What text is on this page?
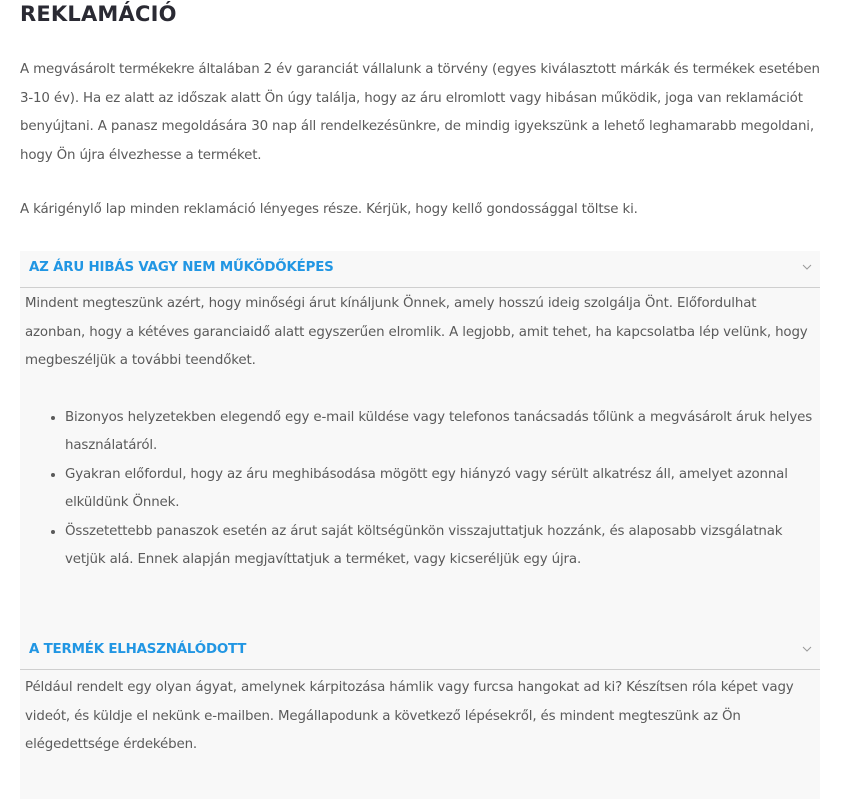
REKLAMÁCIÓ

A megvásárolt termékekre általában 2 év garanciát vállalunk a törvény (egyes kiválasztott márkák és termékek esetében 3-10 év). Ha ez alatt az időszak alatt Ön úgy találja, hogy az áru elromlott vagy hibásan működik, joga van reklamációt benyújtani. A panasz megoldására 30 nap áll rendelkezésünkre, de mindig igyekszünk a lehető leghamarabb megoldani, hogy Ön újra élvezhesse a terméket.

A kárigénylő lap minden reklamáció lényeges része. Kérjük, hogy kellő gondossággal töltse ki.

AZ ÁRU HIBÁS VAGY NEM MŰKÖDŐKÉPES

Mindent megteszünk azért, hogy minőségi árut kínáljunk Önnek, amely hosszú ideig szolgálja Önt. Előfordulhat azonban, hogy a kétéves garanciaidő alatt egyszerűen elromlik. A legjobb, amit tehet, ha kapcsolatba lép velünk, hogy megbeszéljük a további teendőket.

• Bizonyos helyzetekben elegendő egy e-mail küldése vagy telefonos tanácsadás tőlünk a megvásárolt áruk helyes használatáról.
• Gyakran előfordul, hogy az áru meghibásodása mögött egy hiányzó vagy sérült alkatrész áll, amelyet azonnal elküldünk Önnek.
• Összetettebb panaszok esetén az árut saját költségünkön visszajuttatjuk hozzánk, és alaposabb vizsgálatnak vetjük alá. Ennek alapján megjavíttatjuk a terméket, vagy kicseréljük egy újra.
A TERMÉK ELHASZNÁLÓDOTT

Például rendelt egy olyan ágyat, amelynek kárpitozása hámlik vagy furcsa hangokat ad ki? Készítsen róla képet vagy videót, és küldje el nekünk e-mailben. Megállapodunk a következő lépésekről, és mindent megteszünk az Ön elégedettsége érdekében.
